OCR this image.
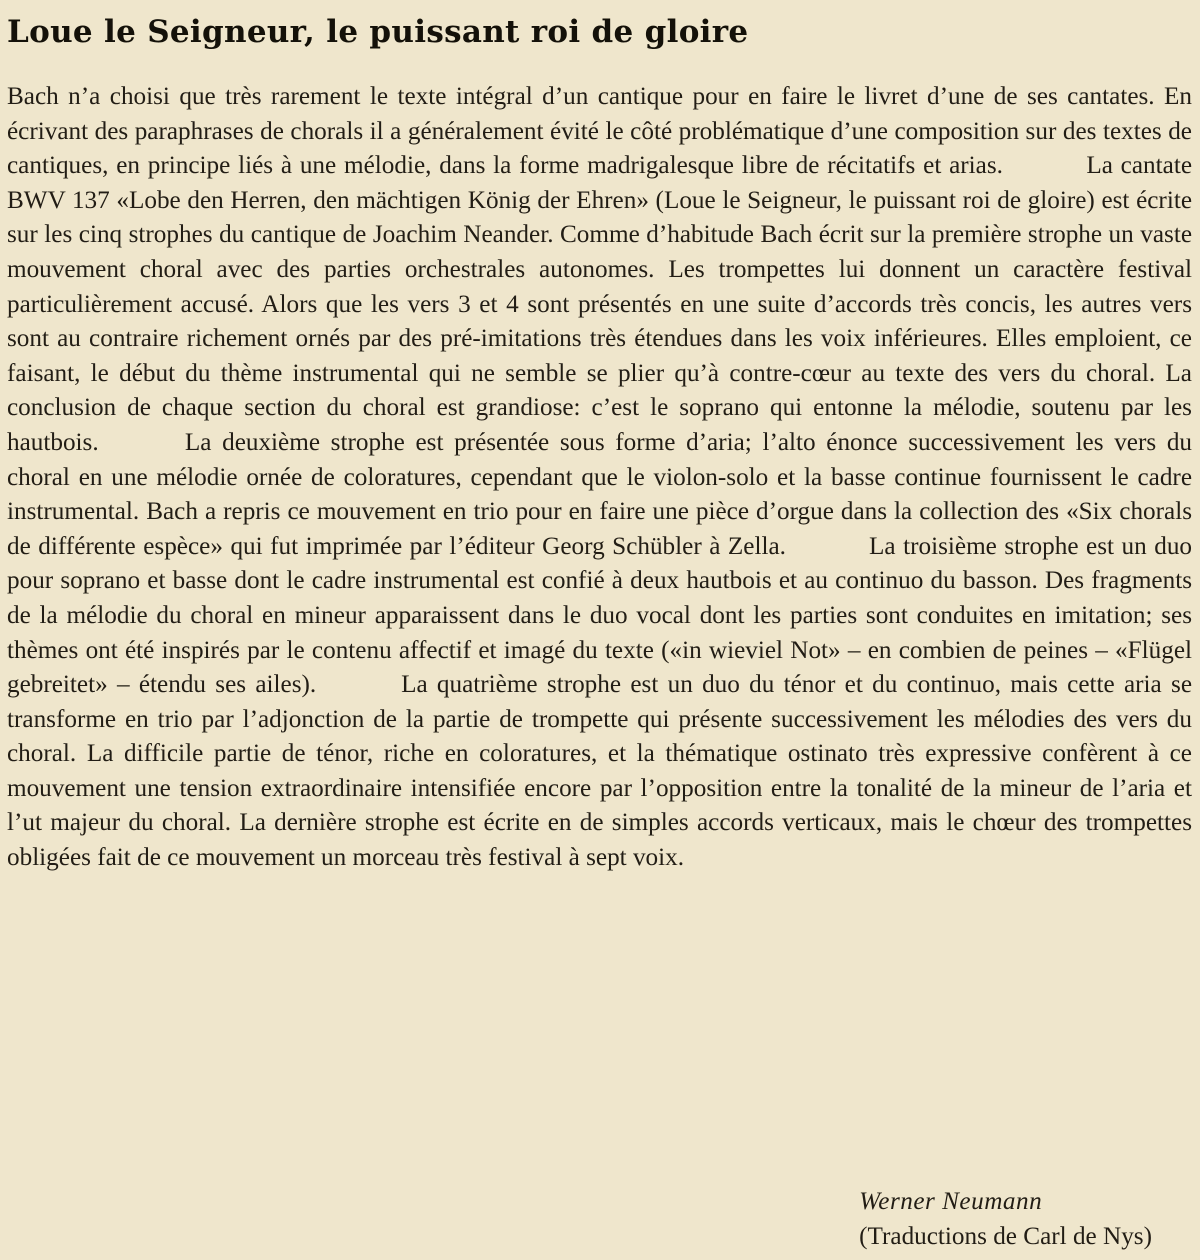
Loue le Seigneur, le puissant roi de gloire
Bach n’a choisi que très rarement le texte intégral d’un cantique pour en faire le livret d’une de ses cantates. En écrivant des paraphrases de chorals il a généralement évité le côté problématique d’une composition sur des textes de cantiques, en principe liés à une mélodie, dans la forme madrigalesque libre de récitatifs et arias.	La cantate BWV 137 «Lobe den Herren, den mächtigen König der Ehren» (Loue le Seigneur, le puissant roi de gloire) est écrite sur les cinq strophes du cantique de Joachim Neander. Comme d’habitude Bach écrit sur la première strophe un vaste mouvement choral avec des parties orchestrales autonomes. Les trompettes lui donnent un caractère festival particulièrement accusé. Alors que les vers 3 et 4 sont présentés en une suite d’accords très concis, les autres vers sont au contraire richement ornés par des pré-imitations très étendues dans les voix inférieures. Elles emploient, ce faisant, le début du thème instrumental qui ne semble se plier qu’à contre-cœur au texte des vers du choral. La conclusion de chaque section du choral est grandiose: c’est le soprano qui entonne la mélodie, soutenu par les hautbois.	La deuxième strophe est présentée sous forme d’aria; l’alto énonce successivement les vers du choral en une mélodie ornée de coloratures, cependant que le violon-solo et la basse continue fournissent le cadre instrumental. Bach a repris ce mouvement en trio pour en faire une pièce d’orgue dans la collection des «Six chorals de différente espèce» qui fut imprimée par l’éditeur Georg Schübler à Zella.	La troisième strophe est un duo pour soprano et basse dont le cadre instrumental est confié à deux hautbois et au continuo du basson. Des fragments de la mélodie du choral en mineur apparaissent dans le duo vocal dont les parties sont conduites en imitation; ses thèmes ont été inspirés par le contenu affectif et imagé du texte («in wieviel Not» – en combien de peines – «Flügel gebreitet» – étendu ses ailes).	La quatrième strophe est un duo du ténor et du continuo, mais cette aria se transforme en trio par l’adjonction de la partie de trompette qui présente successivement les mélodies des vers du choral. La difficile partie de ténor, riche en coloratures, et la thématique ostinato très expressive confèrent à ce mouvement une tension extraordinaire intensifiée encore par l’opposition entre la tonalité de la mineur de l’aria et l’ut majeur du choral. La dernière strophe est écrite en de simples accords verticaux, mais le chœur des trompettes obligées fait de ce mouvement un morceau très festival à sept voix.
Werner Neumann
(Traductions de Carl de Nys)
